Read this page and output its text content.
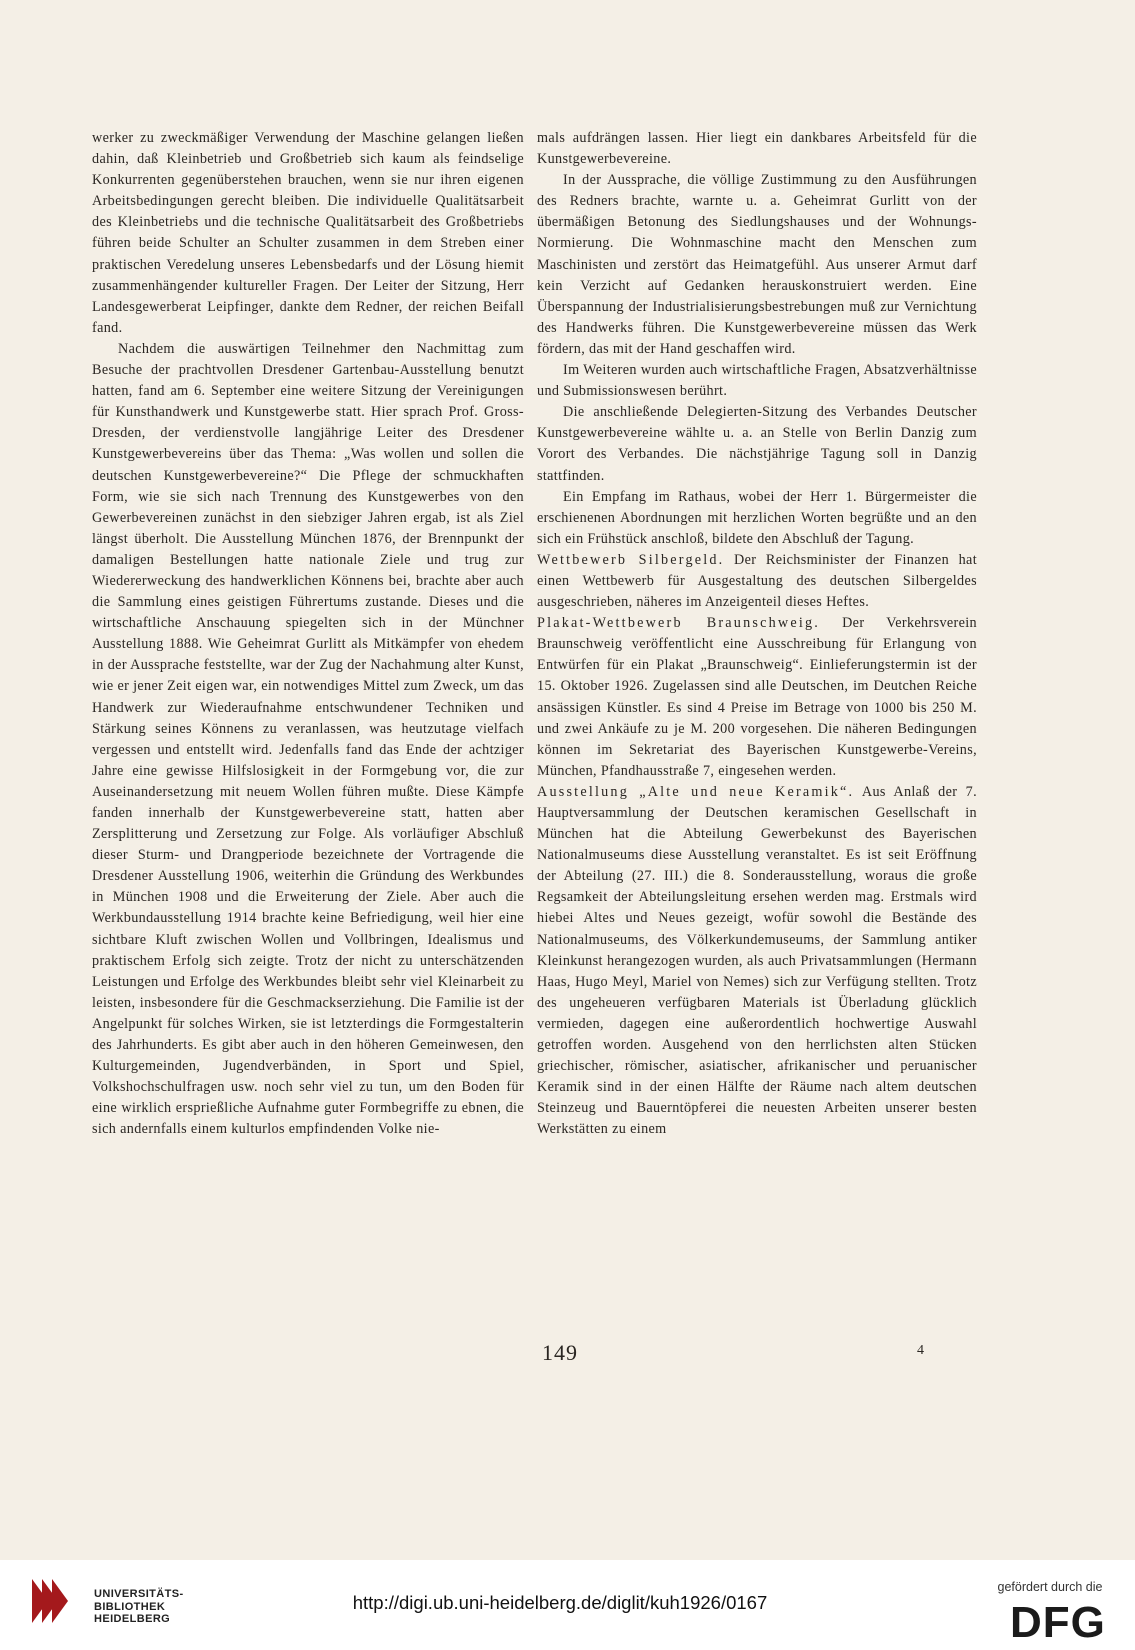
werker zu zweckmäßiger Verwendung der Maschine gelangen ließen dahin, daß Kleinbetrieb und Großbetrieb sich kaum als feindselige Konkurrenten gegenüberstehen brauchen, wenn sie nur ihren eigenen Arbeitsbedingungen gerecht bleiben. Die individuelle Qualitätsarbeit des Kleinbetriebs und die technische Qualitätsarbeit des Großbetriebs führen beide Schulter an Schulter zusammen in dem Streben einer praktischen Veredelung unseres Lebensbedarfs und der Lösung hiemit zusammenhängender kultureller Fragen. Der Leiter der Sitzung, Herr Landesgewerberat Leipfinger, dankte dem Redner, der reichen Beifall fand.

Nachdem die auswärtigen Teilnehmer den Nachmittag zum Besuche der prachtvollen Dresdener Gartenbau-Ausstellung benutzt hatten, fand am 6. September eine weitere Sitzung der Vereinigungen für Kunsthandwerk und Kunstgewerbe statt. Hier sprach Prof. Gross-Dresden, der verdienstvolle langjährige Leiter des Dresdener Kunstgewerbevereins über das Thema: „Was wollen und sollen die deutschen Kunstgewerbevereine?“ Die Pflege der schmuckhaften Form, wie sie sich nach Trennung des Kunstgewerbes von den Gewerbevereinen zunächst in den siebziger Jahren ergab, ist als Ziel längst überholt. Die Ausstellung München 1876, der Brennpunkt der damaligen Bestellungen hatte nationale Ziele und trug zur Wiedererweckung des handwerklichen Könnens bei, brachte aber auch die Sammlung eines geistigen Führertums zustande. Dieses und die wirtschaftliche Anschauung spiegelten sich in der Münchner Ausstellung 1888. Wie Geheimrat Gurlitt als Mitkämpfer von ehedem in der Aussprache feststellte, war der Zug der Nachahmung alter Kunst, wie er jener Zeit eigen war, ein notwendiges Mittel zum Zweck, um das Handwerk zur Wiederaufnahme entschwundener Techniken und Stärkung seines Könnens zu veranlassen, was heutzutage vielfach vergessen und entstellt wird. Jedenfalls fand das Ende der achtziger Jahre eine gewisse Hilfslosigkeit in der Formgebung vor, die zur Auseinandersetzung mit neuem Wollen führen mußte. Diese Kämpfe fanden innerhalb der Kunstgewerbevereine statt, hatten aber Zersplitterung und Zersetzung zur Folge. Als vorläufiger Abschluß dieser Sturm- und Drangperiode bezeichnete der Vortragende die Dresdener Ausstellung 1906, weiterhin die Gründung des Werkbundes in München 1908 und die Erweiterung der Ziele. Aber auch die Werkbundausstellung 1914 brachte keine Befriedigung, weil hier eine sichtbare Kluft zwischen Wollen und Vollbringen, Idealismus und praktischem Erfolg sich zeigte. Trotz der nicht zu unterschätzenden Leistungen und Erfolge des Werkbundes bleibt sehr viel Kleinarbeit zu leisten, insbesondere für die Geschmackserziehung. Die Familie ist der Angelpunkt für solches Wirken, sie ist letzterdings die Formgestalterin des Jahrhunderts. Es gibt aber auch in den höheren Gemeinwesen, den Kulturgemeinden, Jugendverbänden, in Sport und Spiel, Volkshochschulfragen usw. noch sehr viel zu tun, um den Boden für eine wirklich ersprießliche Aufnahme guter Formbegriffe zu ebnen, die sich andernfalls einem kulturlos empfindenden Volke nie-

mals aufdrängen lassen. Hier liegt ein dankbares Arbeitsfeld für die Kunstgewerbevereine.

In der Aussprache, die völlige Zustimmung zu den Ausführungen des Redners brachte, warnte u. a. Geheimrat Gurlitt von der übermäßigen Betonung des Siedlungshauses und der Wohnungs-Normierung. Die Wohnmaschine macht den Menschen zum Maschinisten und zerstört das Heimatgefühl. Aus unserer Armut darf kein Verzicht auf Gedanken herauskonstruiert werden. Eine Überspannung der Industrialisierungsbestrebungen muß zur Vernichtung des Handwerks führen. Die Kunstgewerbevereine müssen das Werk fördern, das mit der Hand geschaffen wird.

Im Weiteren wurden auch wirtschaftliche Fragen, Absatzverhältnisse und Submissionswesen berührt.

Die anschließende Delegierten-Sitzung des Verbandes Deutscher Kunstgewerbevereine wählte u. a. an Stelle von Berlin Danzig zum Vorort des Verbandes. Die nächstjährige Tagung soll in Danzig stattfinden.

Ein Empfang im Rathaus, wobei der Herr 1. Bürgermeister die erschienenen Abordnungen mit herzlichen Worten begrüßte und an den sich ein Frühstück anschloß, bildete den Abschluß der Tagung.

Wettbewerb Silbergeld. Der Reichsminister der Finanzen hat einen Wettbewerb für Ausgestaltung des deutschen Silbergeldes ausgeschrieben, näheres im Anzeigenteil dieses Heftes.

Plakat-Wettbewerb Braunschweig. Der Verkehrsverein Braunschweig veröffentlicht eine Ausschreibung für Erlangung von Entwürfen für ein Plakat „Braunschweig“. Einlieferungstermin ist der 15. Oktober 1926. Zugelassen sind alle Deutschen, im Deutchen Reiche ansässigen Künstler. Es sind 4 Preise im Betrage von 1000 bis 250 M. und zwei Ankäufe zu je M. 200 vorgesehen. Die näheren Bedingungen können im Sekretariat des Bayerischen Kunstgewerbe-Vereins, München, Pfandhausstraße 7, eingesehen werden.

Ausstellung „Alte und neue Keramik“. Aus Anlaß der 7. Hauptversammlung der Deutschen keramischen Gesellschaft in München hat die Abteilung Gewerbekunst des Bayerischen Nationalmuseums diese Ausstellung veranstaltet. Es ist seit Eröffnung der Abteilung (27. III.) die 8. Sonderausstellung, woraus die große Regsamkeit der Abteilungsleitung ersehen werden mag. Erstmals wird hiebei Altes und Neues gezeigt, wofür sowohl die Bestände des Nationalmuseums, des Völkerkundemuseums, der Sammlung antiker Kleinkunst herangezogen wurden, als auch Privatsammlungen (Hermann Haas, Hugo Meyl, Mariel von Nemes) sich zur Verfügung stellten. Trotz des ungeheueren verfügbaren Materials ist Überladung glücklich vermieden, dagegen eine außerordentlich hochwertige Auswahl getroffen worden. Ausgehend von den herrlichsten alten Stücken griechischer, römischer, asiatischer, afrikanischer und peruanischer Keramik sind in der einen Hälfte der Räume nach altem deutschen Steinzeug und Bauerntöpferei die neuesten Arbeiten unserer besten Werkstätten zu einem

149	4
UNIVERSITÄTS-
BIBLIOTHEK
HEIDELBERG
http://digi.ub.uni-heidelberg.de/diglit/kuh1926/0167
gefördert durch die
DFG
